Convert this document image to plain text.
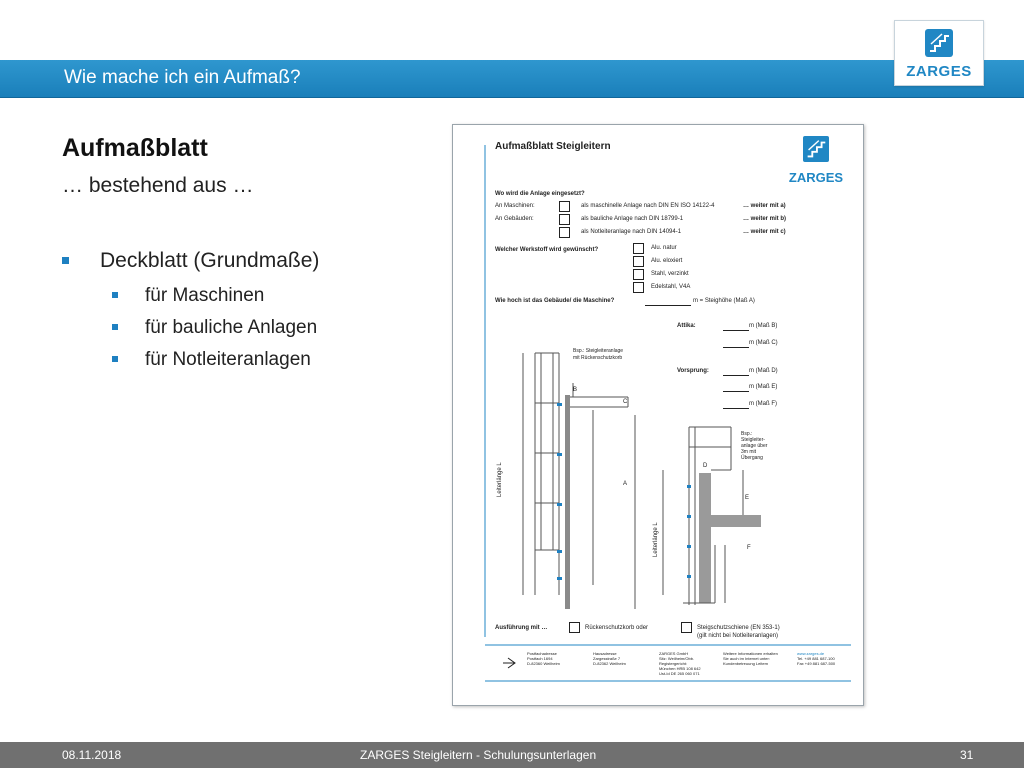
Wie mache ich ein Aufmaß?	ZARGES
Aufmaßblatt
… bestehend aus …
Deckblatt (Grundmaße)
für Maschinen
für bauliche Anlagen
für Notleiteranlagen
Aufmaßblatt Steigleitern
ZARGES
Wo wird die Anlage eingesetzt?
An Maschinen:	als maschinelle Anlage nach DIN EN ISO 14122-4	… weiter mit a)
An Gebäuden:	als bauliche Anlage nach DIN 18799-1	… weiter mit b)
als Notleiteranlage nach DIN 14094-1	… weiter mit c)
Welcher Werkstoff wird gewünscht?	Alu. natur
Alu. eloxiert
Stahl, verzinkt
Edelstahl, V4A
Wie hoch ist das Gebäude/ die Maschine?	m = Steighöhe (Maß A)
Attika:	m (Maß B)
m (Maß C)
Vorsprung:	m (Maß D)
m (Maß E)
m (Maß F)
Bsp.: Steigleiteranlage
mit Rückenschutzkorb
Bsp.:
Steigleiter-
anlage über
3m mit
Übergang
A
B
C
D
E
F
Leiterlänge L
Leiterlänge L
Ausführung mit …	Rückenschutzkorb oder	Steigschutzschiene (EN 353-1)
(gilt nicht bei Notleiteranlagen)
Postfachadresse
Postfach 1694
D-82360 Weilheim
Hausadresse
Zargesstraße 7
D-82362 Weilheim
ZARGES GmbH
Sitz: Weilheim/Obb.
Registergericht:
München HRB 108 642
Ust-Id DE 265 060 071
Weitere Informationen erhalten
Sie auch im Internet unter:
Kundenbetreuung Leitern
www.zarges.de
Tel. +49 881 687-100
Fax +49 881 687-500
08.11.2018	ZARGES Steigleitern - Schulungsunterlagen	31
